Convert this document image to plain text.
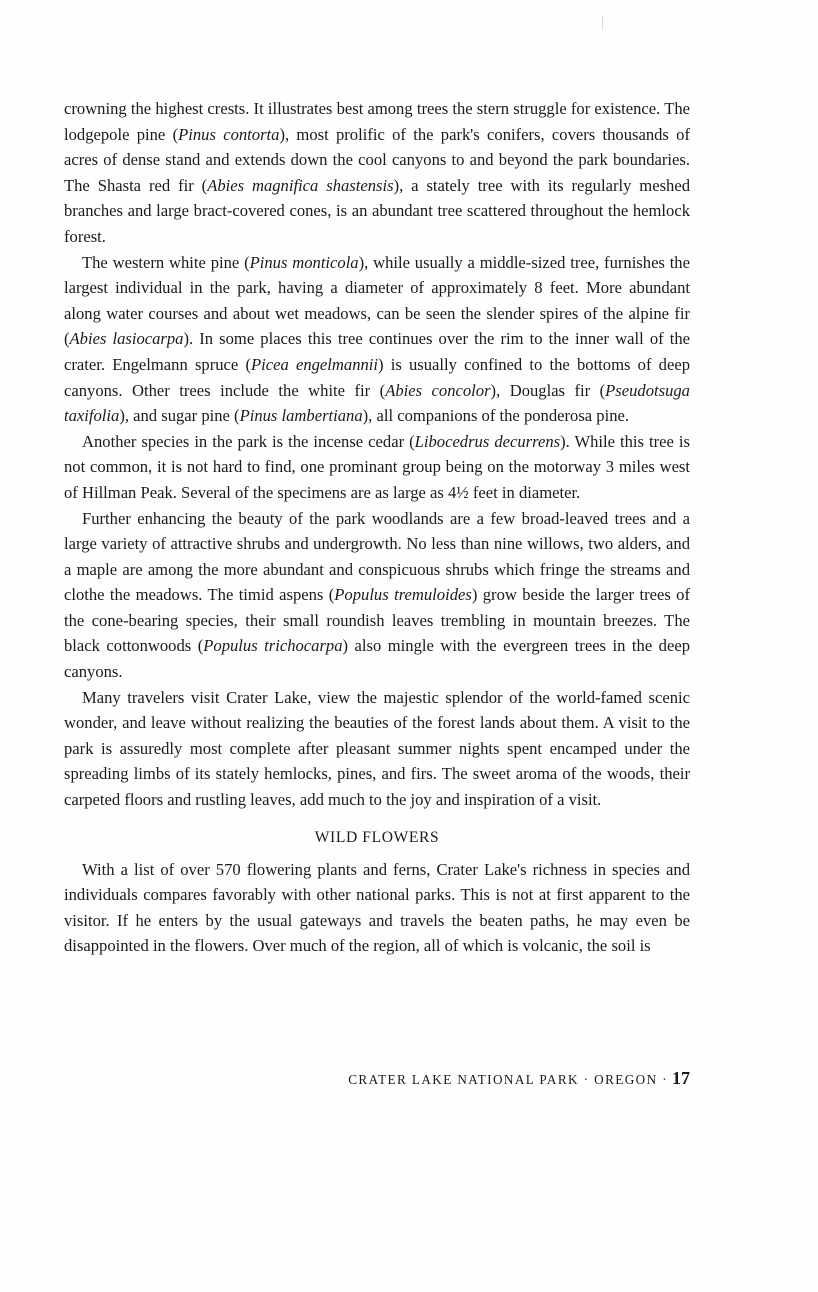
crowning the highest crests. It illustrates best among trees the stern struggle for existence. The lodgepole pine (Pinus contorta), most prolific of the park's conifers, covers thousands of acres of dense stand and extends down the cool canyons to and beyond the park boundaries. The Shasta red fir (Abies magnifica shastensis), a stately tree with its regularly meshed branches and large bract-covered cones, is an abundant tree scattered throughout the hemlock forest.

The western white pine (Pinus monticola), while usually a middle-sized tree, furnishes the largest individual in the park, having a diameter of approximately 8 feet. More abundant along water courses and about wet meadows, can be seen the slender spires of the alpine fir (Abies lasiocarpa). In some places this tree continues over the rim to the inner wall of the crater. Engelmann spruce (Picea engelmannii) is usually confined to the bottoms of deep canyons. Other trees include the white fir (Abies concolor), Douglas fir (Pseudotsuga taxifolia), and sugar pine (Pinus lambertiana), all companions of the ponderosa pine.

Another species in the park is the incense cedar (Libocedrus decurrens). While this tree is not common, it is not hard to find, one prominant group being on the motorway 3 miles west of Hillman Peak. Several of the specimens are as large as 4½ feet in diameter.

Further enhancing the beauty of the park woodlands are a few broad-leaved trees and a large variety of attractive shrubs and undergrowth. No less than nine willows, two alders, and a maple are among the more abundant and conspicuous shrubs which fringe the streams and clothe the meadows. The timid aspens (Populus tremuloides) grow beside the larger trees of the cone-bearing species, their small roundish leaves trembling in mountain breezes. The black cottonwoods (Populus trichocarpa) also mingle with the evergreen trees in the deep canyons.

Many travelers visit Crater Lake, view the majestic splendor of the world-famed scenic wonder, and leave without realizing the beauties of the forest lands about them. A visit to the park is assuredly most complete after pleasant summer nights spent encamped under the spreading limbs of its stately hemlocks, pines, and firs. The sweet aroma of the woods, their carpeted floors and rustling leaves, add much to the joy and inspiration of a visit.

WILD FLOWERS

With a list of over 570 flowering plants and ferns, Crater Lake's richness in species and individuals compares favorably with other national parks. This is not at first apparent to the visitor. If he enters by the usual gateways and travels the beaten paths, he may even be disappointed in the flowers. Over much of the region, all of which is volcanic, the soil is

CRATER LAKE NATIONAL PARK · OREGON · 17
